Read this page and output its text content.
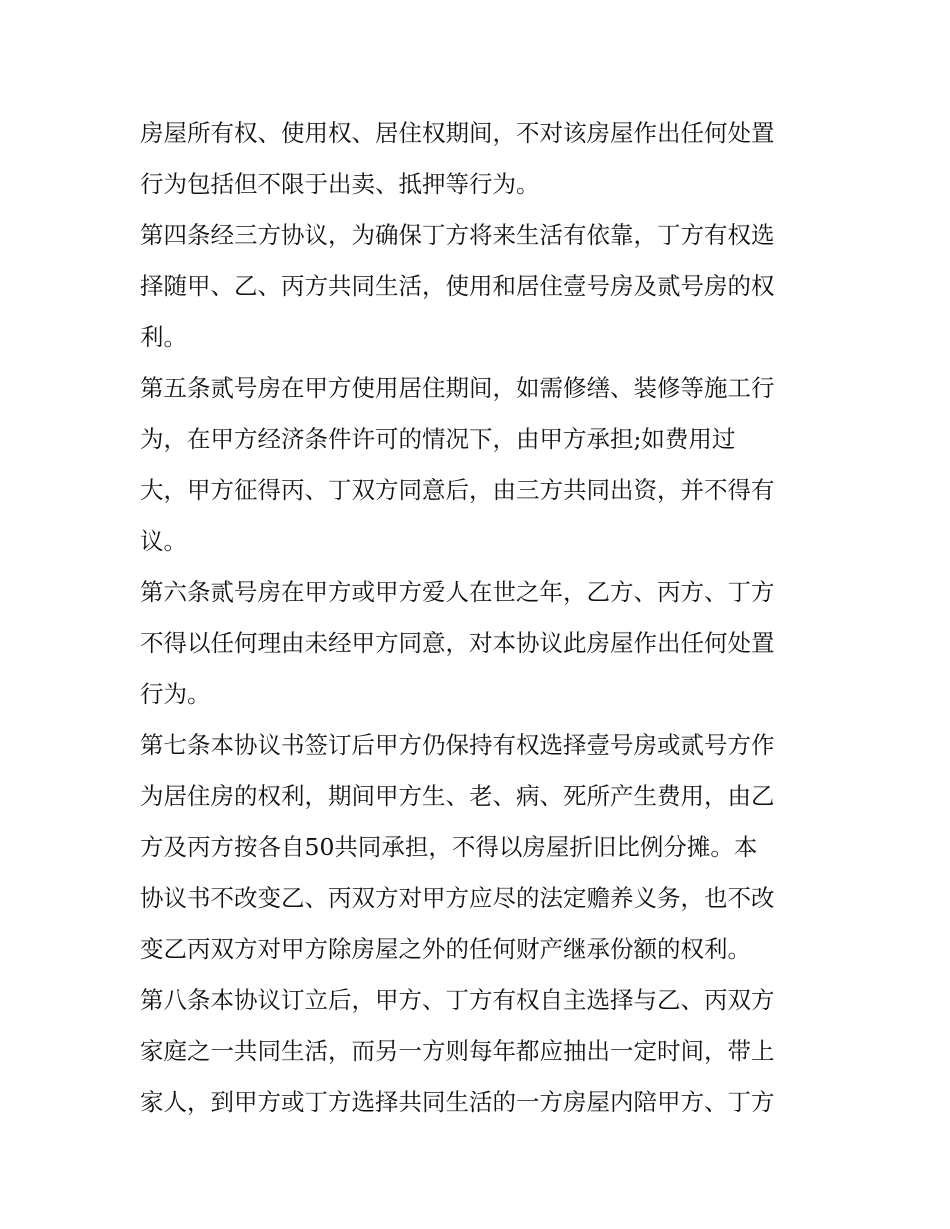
房屋所有权、使用权、居住权期间，不对该房屋作出任何处置
行为包括但不限于出卖、抵押等行为。
第四条经三方协议，为确保丁方将来生活有依靠，丁方有权选
择随甲、乙、丙方共同生活，使用和居住壹号房及贰号房的权
利。
第五条贰号房在甲方使用居住期间，如需修缮、装修等施工行
为，在甲方经济条件许可的情况下，由甲方承担;如费用过
大，甲方征得丙、丁双方同意后，由三方共同出资，并不得有
议。
第六条贰号房在甲方或甲方爱人在世之年，乙方、丙方、丁方
不得以任何理由未经甲方同意，对本协议此房屋作出任何处置
行为。
第七条本协议书签订后甲方仍保持有权选择壹号房或贰号方作
为居住房的权利，期间甲方生、老、病、死所产生费用，由乙
方及丙方按各自50共同承担，不得以房屋折旧比例分摊。本
协议书不改变乙、丙双方对甲方应尽的法定赡养义务，也不改
变乙丙双方对甲方除房屋之外的任何财产继承份额的权利。
第八条本协议订立后，甲方、丁方有权自主选择与乙、丙双方
家庭之一共同生活，而另一方则每年都应抽出一定时间，带上
家人，到甲方或丁方选择共同生活的一方房屋内陪甲方、丁方
